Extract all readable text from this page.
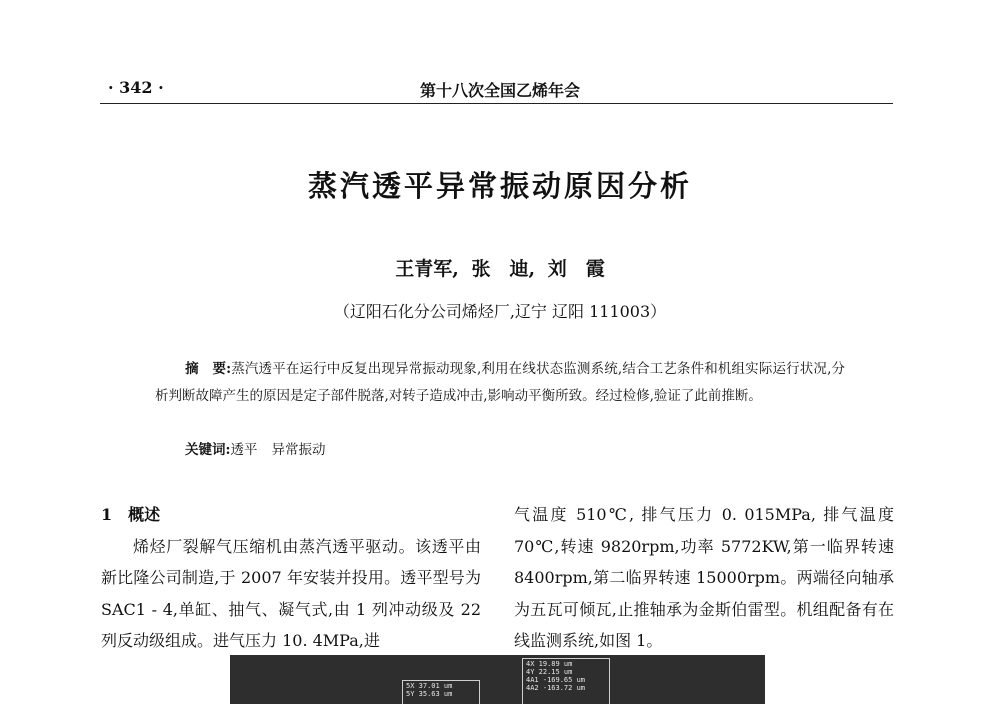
· 342 ·	第十八次全国乙烯年会
蒸汽透平异常振动原因分析
王青军, 张　迪, 刘　霞
（辽阳石化分公司烯烃厂,辽宁 辽阳 111003）
摘　要:蒸汽透平在运行中反复出现异常振动现象,利用在线状态监测系统,结合工艺条件和机组实际运行状况,分析判断故障产生的原因是定子部件脱落,对转子造成冲击,影响动平衡所致。经过检修,验证了此前推断。
关键词:透平 异常振动
1　概述
烯烃厂裂解气压缩机由蒸汽透平驱动。该透平由新比隆公司制造,于 2007 年安装并投用。透平型号为 SAC1 - 4,单缸、抽气、凝气式,由 1 列冲动级及 22 列反动级组成。进气压力 10. 4MPa,进
气温度 510℃, 排气压力 0. 015MPa, 排气温度 70℃,转速 9820rpm,功率 5772KW,第一临界转速 8400rpm,第二临界转速 15000rpm。两端径向轴承为五瓦可倾瓦,止推轴承为金斯伯雷型。机组配备有在线监测系统,如图 1。
5X 37.01 um
5Y 35.63 um
4X 19.89 um
4Y 22.15 um
4A1 -169.65 um
4A2 -163.72 um
